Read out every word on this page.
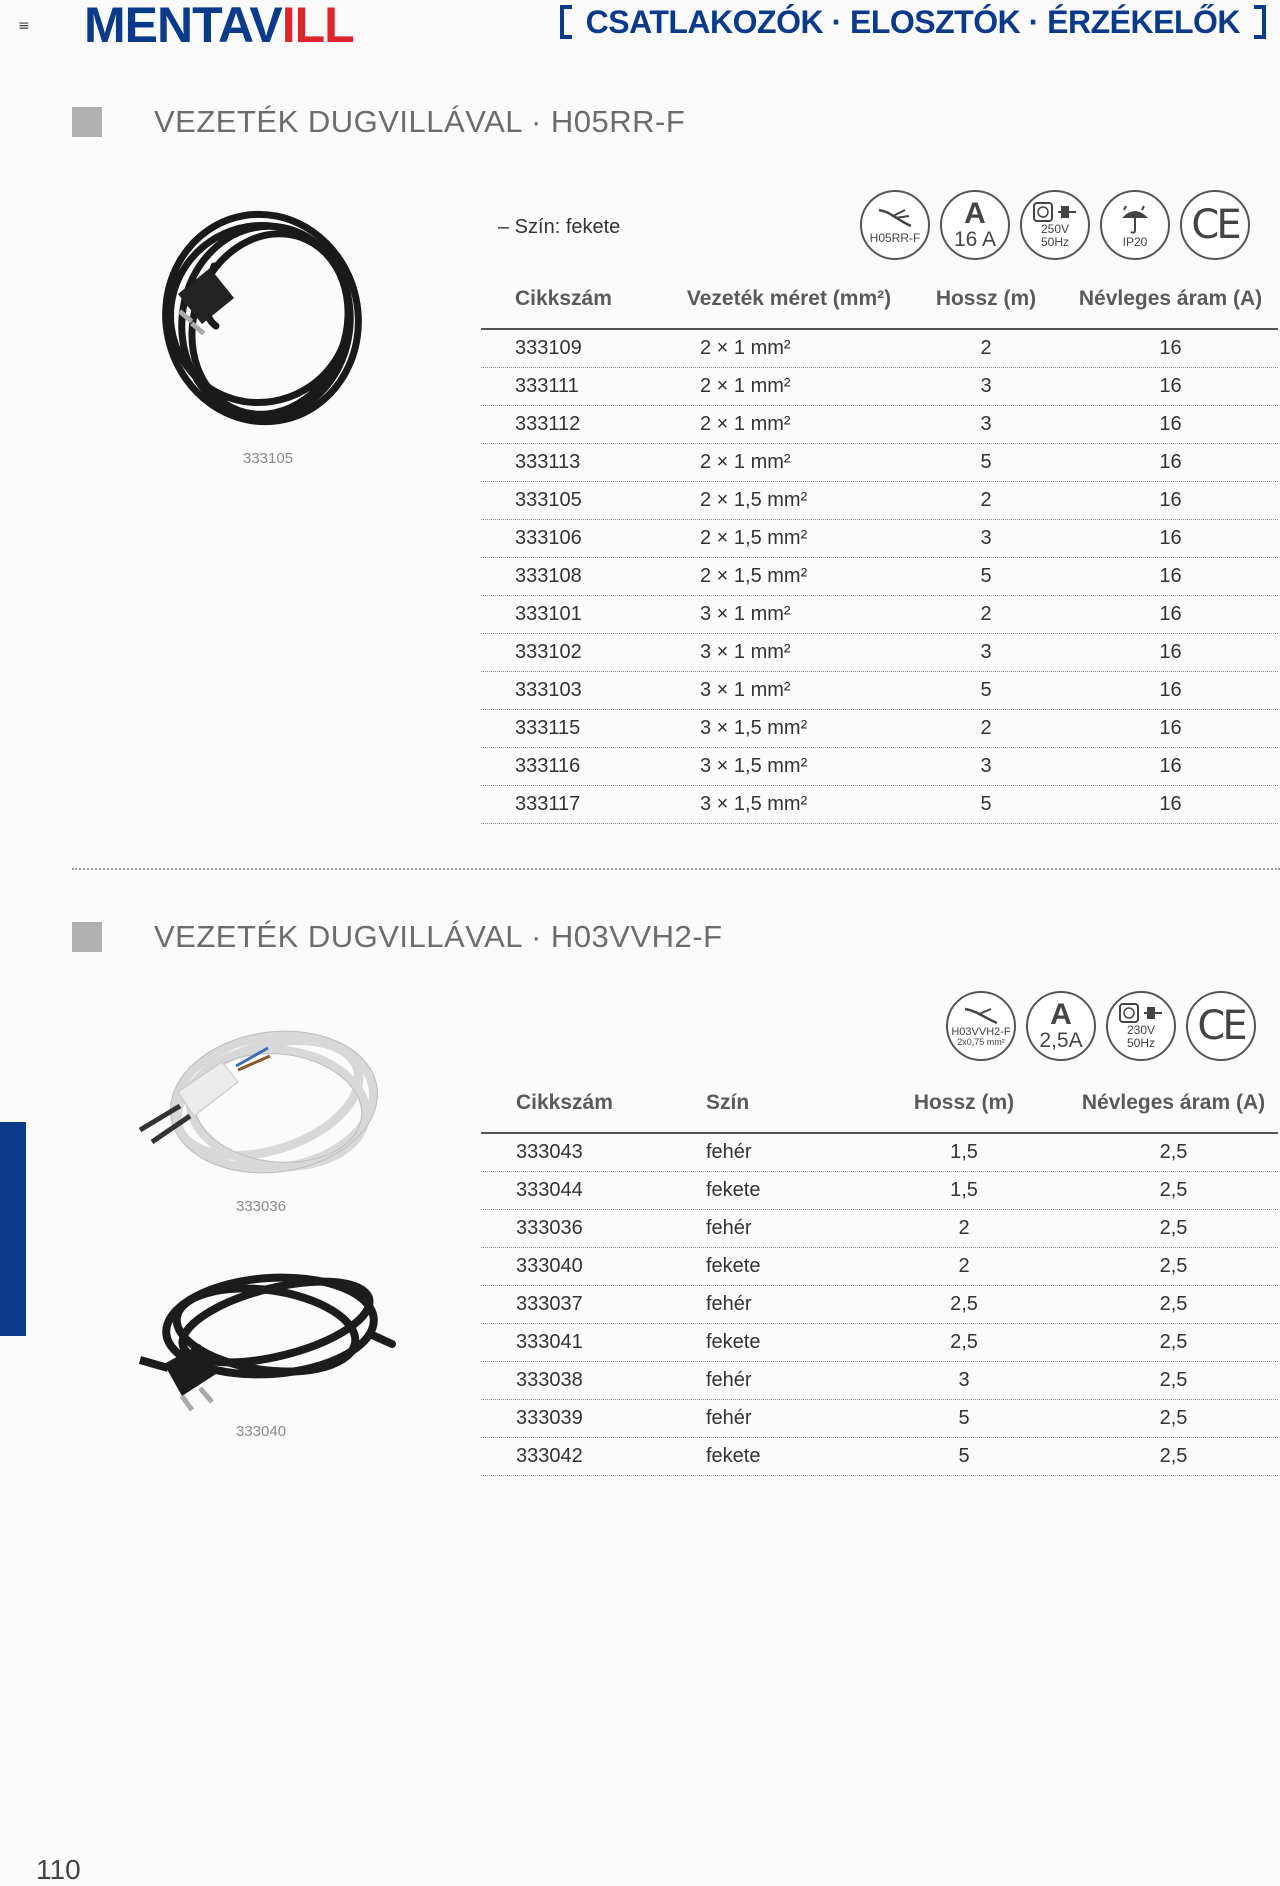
≡ MENTAVILL	CSATLAKOZÓK · ELOSZTÓK · ÉRZÉKELŐK
VEZETÉK DUGVILLÁVAL · H05RR-F
333105
– Szín: fekete	H05RR-F
A
16 A	250V
50Hz	IP20 CE
Cikkszám	Vezeték méret (mm²)	Hossz (m)	Névleges áram (A)
333109	2 × 1 mm²	2	16
333111	2 × 1 mm²	3	16
333112	2 × 1 mm²	3	16
333113	2 × 1 mm²	5	16
333105	2 × 1,5 mm²	2	16
333106	2 × 1,5 mm²	3	16
333108	2 × 1,5 mm²	5	16
333101	3 × 1 mm²	2	16
333102	3 × 1 mm²	3	16
333103	3 × 1 mm²	5	16
333115	3 × 1,5 mm²	2	16
333116	3 × 1,5 mm²	3	16
333117	3 × 1,5 mm²	5	16
VEZETÉK DUGVILLÁVAL · H03VVH2-F
333036
333040
H03VVH2-F
2x0,75 mm²
A
2,5A	230V
50Hz CE
Cikkszám	Szín	Hossz (m)	Névleges áram (A)
333043	fehér	1,5	2,5
333044	fekete	1,5	2,5
333036	fehér	2	2,5
333040	fekete	2	2,5
333037	fehér	2,5	2,5
333041	fekete	2,5	2,5
333038	fehér	3	2,5
333039	fehér	5	2,5
333042	fekete	5	2,5
110
